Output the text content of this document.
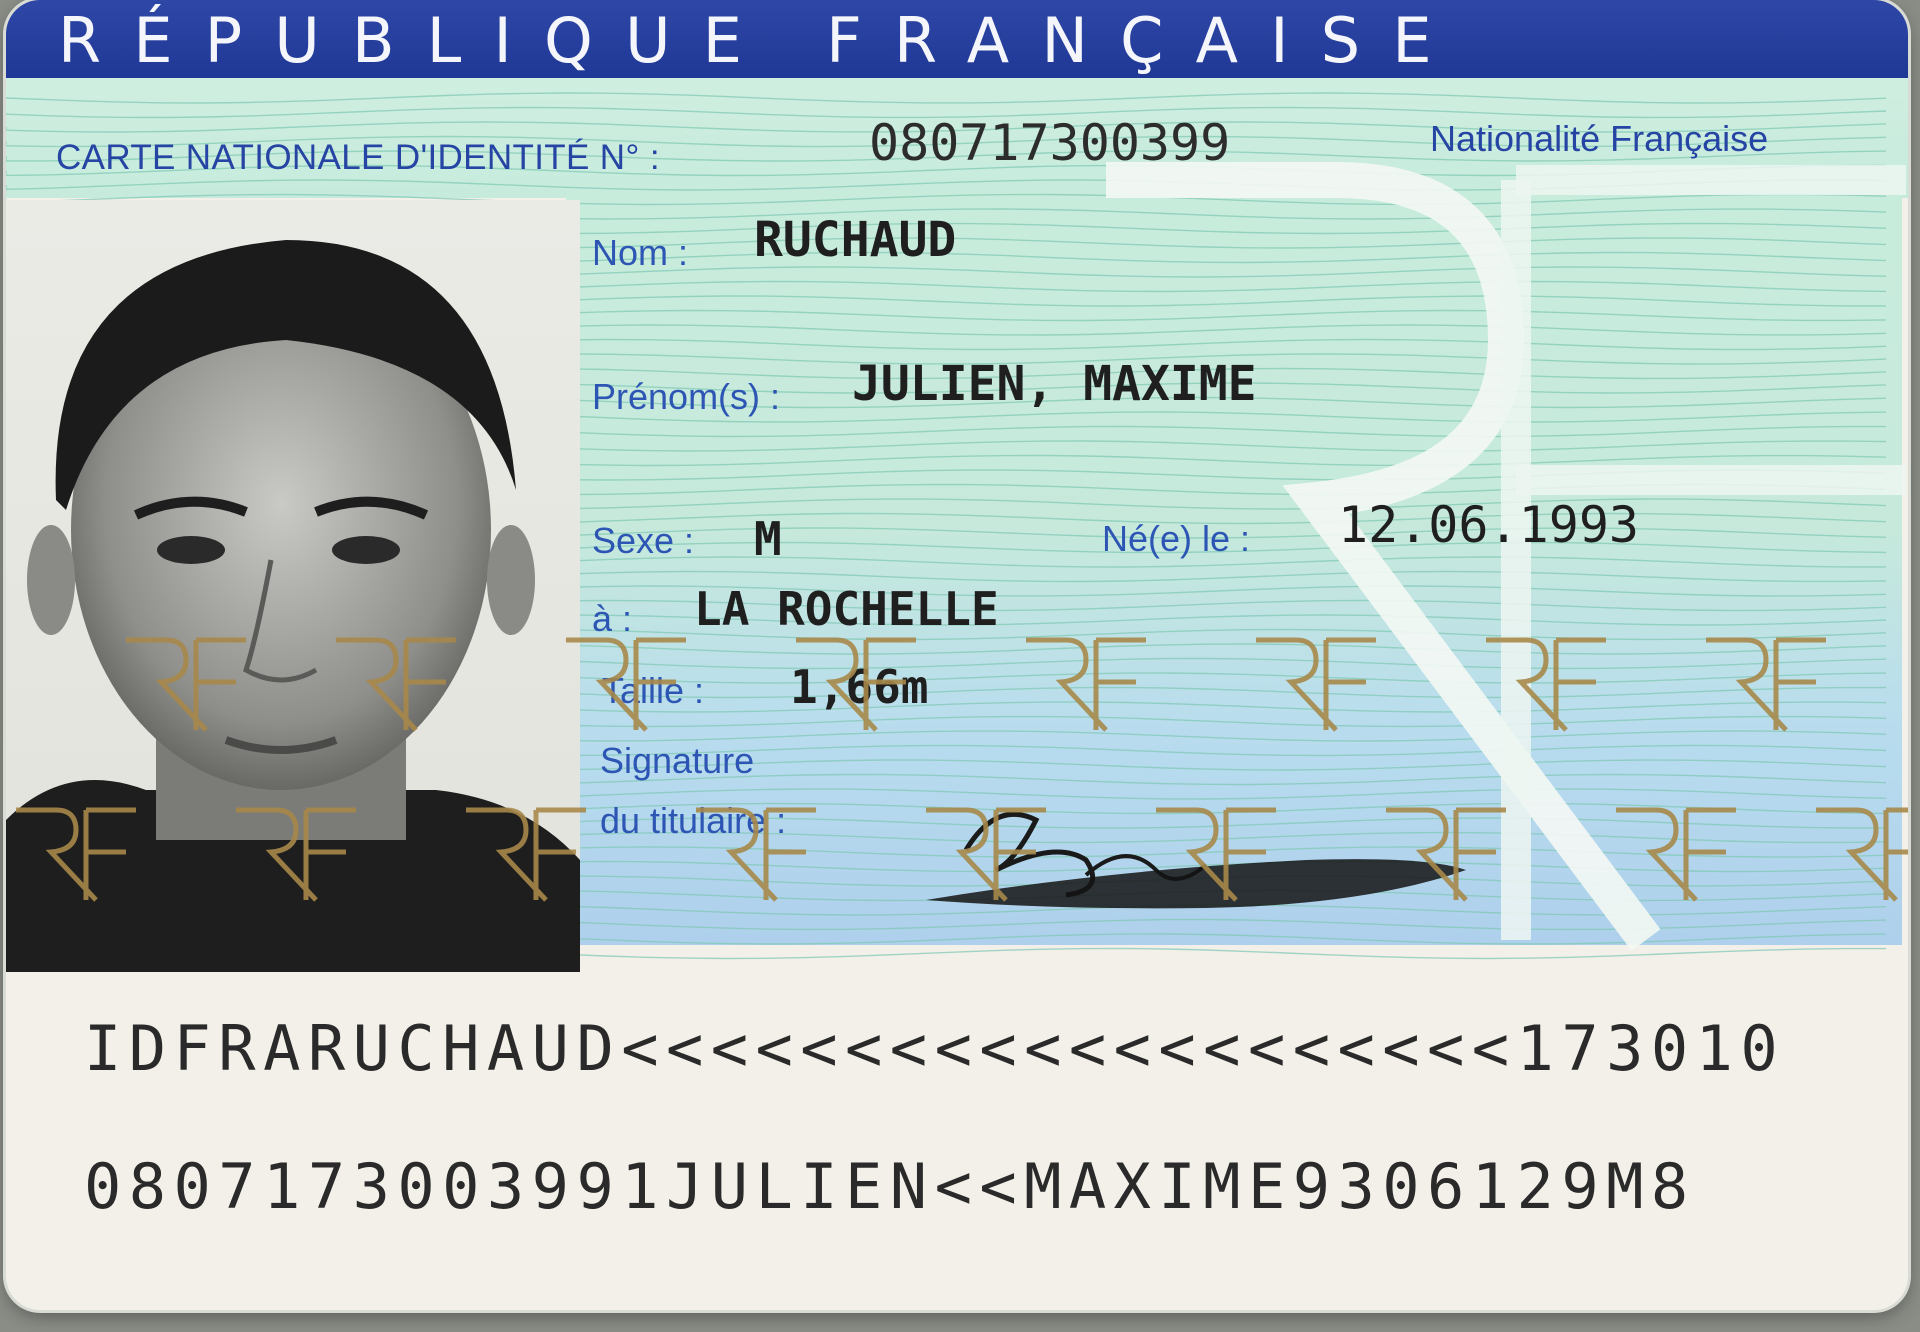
RÉPUBLIQUE FRANÇAISE
CARTE NATIONALE D'IDENTITÉ N° :	080717300399	Nationalité Française
Nom : RUCHAUD
Prénom(s) : JULIEN, MAXIME
Sexe : M	Né(e) le : 12.06.1993
à : LA ROCHELLE
Taille : 1,66m
Signature
du titulaire :
IDFRARUCHAUD<<<<<<<<<<<<<<<<<<<<173010
0807173003991JULIEN<<MAXIME9306129M8
